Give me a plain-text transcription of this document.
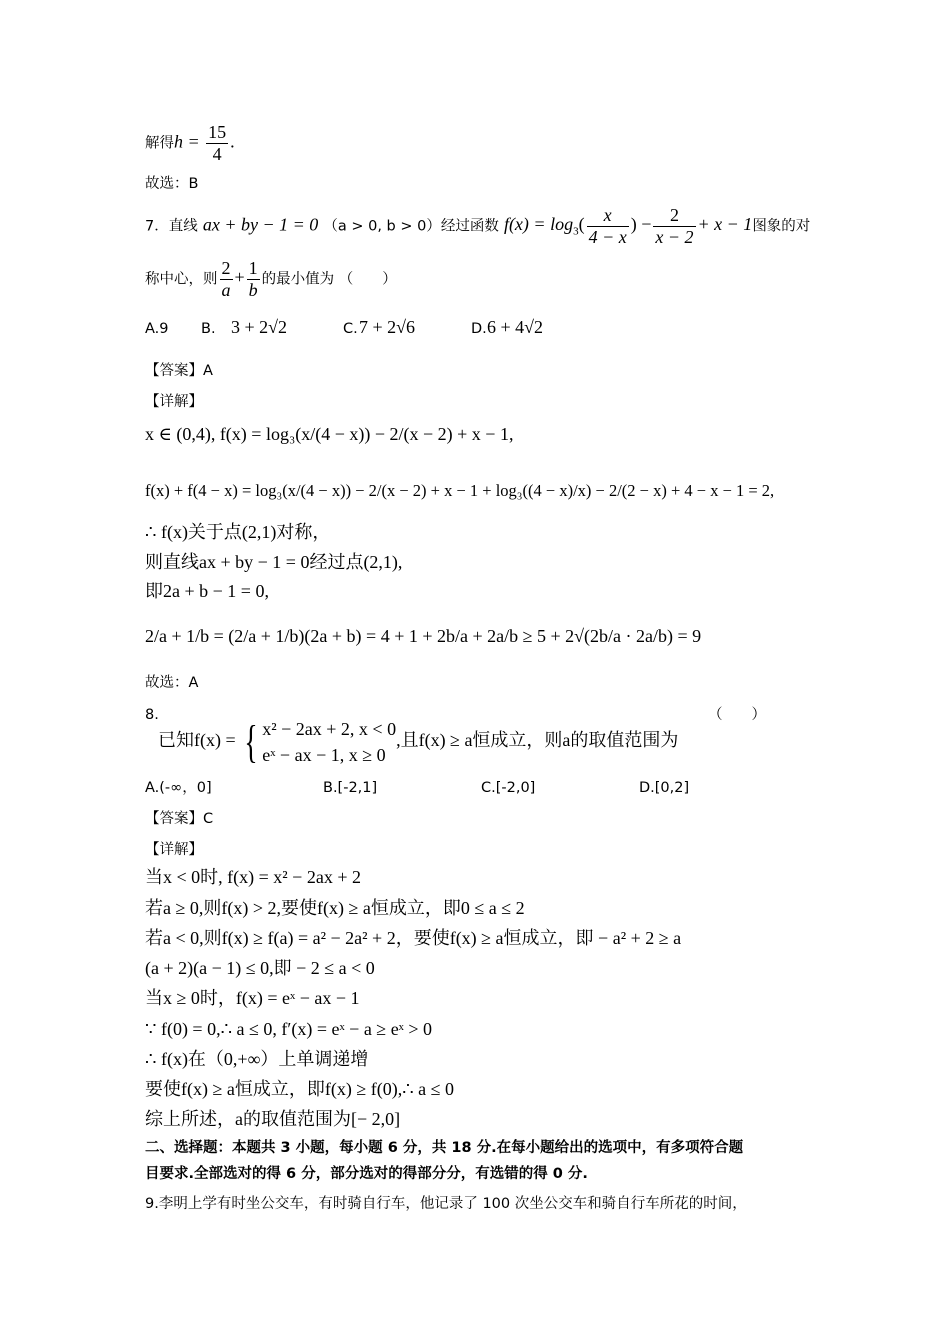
解得$h = \frac{15}{4}$ .
故选：B
7．直线 ax + by − 1 = 0 （a > 0, b > 0）经过函数 $f(x) = \log_3( \frac{x}{4 - x}$ ) − $\frac{2}{x - 2} + x - 1$图象的对
称中心，则 $\frac{2}{a} + \frac{1}{b}$ 的最小值为 （　　）
A.9 B. 3 + 2√2	C.7 + 2√6	D.6 + 4√2
【答案】A
【详解】
x ∈ (0,4), f(x) = log₃(x/(4 − x)) − 2/(x − 2) + x − 1,
f(x) + f(4 − x) = log₃(x/(4 − x)) − 2/(x − 2) + x − 1 + log₃((4 − x)/x) − 2/(2 − x) + 4 − x − 1 = 2,
∴ f(x)关于点(2,1)对称，
则直线ax + by − 1 = 0经过点(2,1),
即2a + b − 1 = 0,
2/a + 1/b = (2/a + 1/b)(2a + b) = 4 + 1 + 2b/a + 2a/b ≥ 5 + 2√(2b/a · 2a/b) = 9
故选：A
8.	（　　）
已知f(x) = { x² − 2ax + 2, x < 0
eˣ − ax − 1, x ≥ 0
,且f(x) ≥ a恒成立，则a的取值范围为
A.(-∞，0]	B.[-2,1]	C.[-2,0]	D.[0,2]
【答案】C
【详解】
当x < 0时, f(x) = x² − 2ax + 2
若a ≥ 0,则f(x) > 2,要使f(x) ≥ a恒成立，即0 ≤ a ≤ 2
若a < 0,则f(x) ≥ f(a) = a² − 2a² + 2，要使f(x) ≥ a恒成立，即 − a² + 2 ≥ a
(a + 2)(a − 1) ≤ 0,即 − 2 ≤ a < 0
当x ≥ 0时，f(x) = eˣ − ax − 1
∵ f(0) = 0,∴ a ≤ 0, f′(x) = eˣ − a ≥ eˣ > 0
∴ f(x)在（0,+∞）上单调递增
要使f(x) ≥ a恒成立，即f(x) ≥ f(0),∴ a ≤ 0
综上所述，a的取值范围为[− 2,0]
二、选择题：本题共 3 小题，每小题 6 分，共 18 分.在每小题给出的选项中，有多项符合题
目要求.全部选对的得 6 分，部分选对的得部分分，有选错的得 0 分.
9.李明上学有时坐公交车，有时骑自行车，他记录了 100 次坐公交车和骑自行车所花的时间，
